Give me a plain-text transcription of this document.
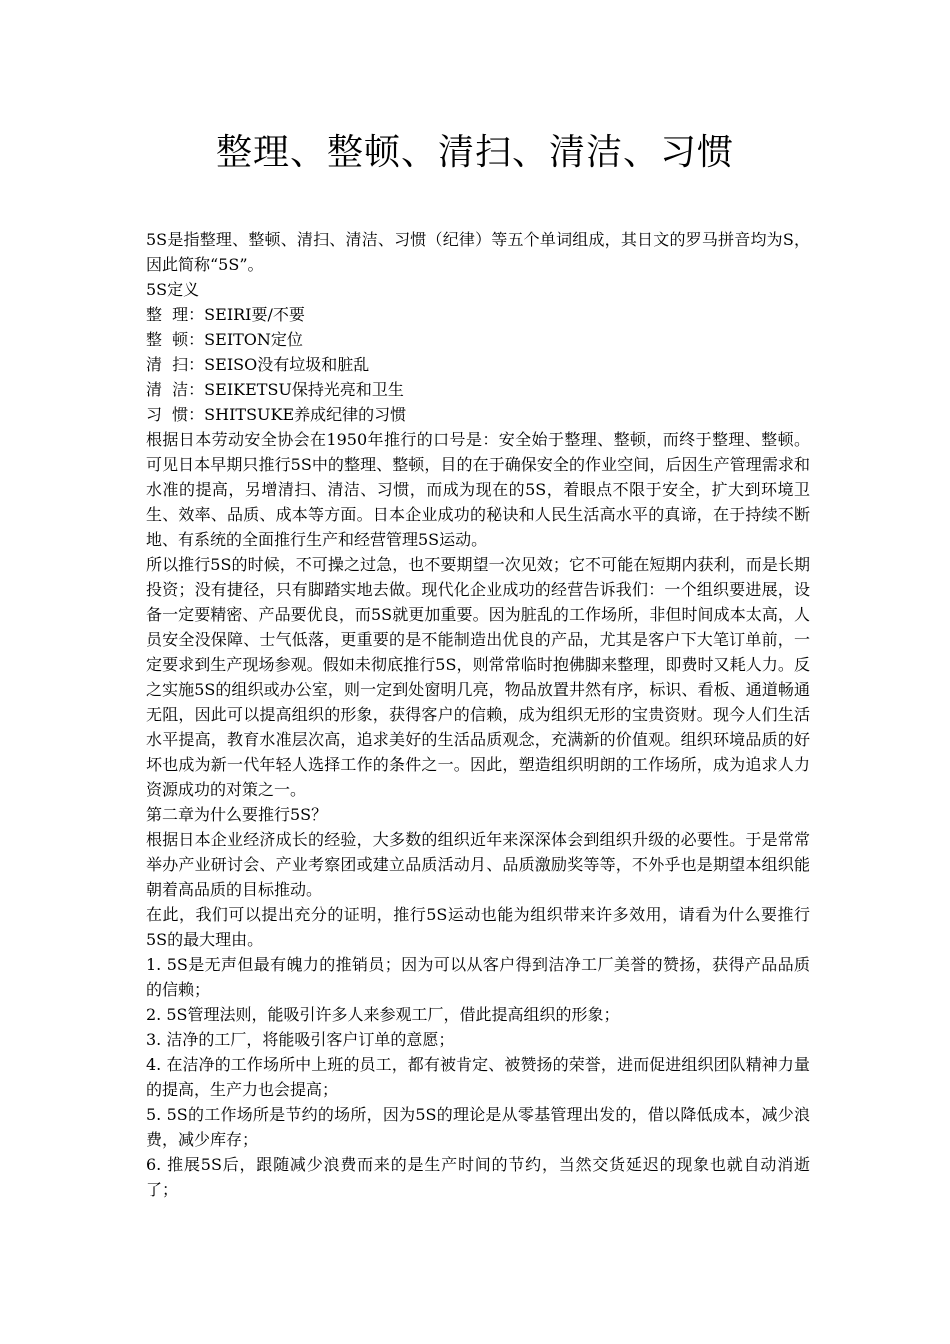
整理、整顿、清扫、清洁、习惯

5S是指整理、整顿、清扫、清洁、习惯（纪律）等五个单词组成，其日文的罗马拼音均为S，因此简称“5S”。

5S定义

整  理：SEIRI要/不要

整  顿：SEITON定位

清  扫：SEISO没有垃圾和脏乱

清  洁：SEIKETSU保持光亮和卫生

习  惯：SHITSUKE养成纪律的习惯

根据日本劳动安全协会在1950年推行的口号是：安全始于整理、整顿，而终于整理、整顿。可见日本早期只推行5S中的整理、整顿，目的在于确保安全的作业空间，后因生产管理需求和水准的提高，另增清扫、清洁、习惯，而成为现在的5S，着眼点不限于安全，扩大到环境卫生、效率、品质、成本等方面。日本企业成功的秘诀和人民生活高水平的真谛，在于持续不断地、有系统的全面推行生产和经营管理5S运动。

所以推行5S的时候，不可操之过急，也不要期望一次见效；它不可能在短期内获利，而是长期投资；没有捷径，只有脚踏实地去做。现代化企业成功的经营告诉我们：一个组织要进展，设备一定要精密、产品要优良，而5S就更加重要。因为脏乱的工作场所，非但时间成本太高，人员安全没保障、士气低落，更重要的是不能制造出优良的产品，尤其是客户下大笔订单前，一定要求到生产现场参观。假如未彻底推行5S，则常常临时抱佛脚来整理，即费时又耗人力。反之实施5S的组织或办公室，则一定到处窗明几亮，物品放置井然有序，标识、看板、通道畅通无阻，因此可以提高组织的形象，获得客户的信赖，成为组织无形的宝贵资财。现今人们生活水平提高，教育水准层次高，追求美好的生活品质观念，充满新的价值观。组织环境品质的好坏也成为新一代年轻人选择工作的条件之一。因此，塑造组织明朗的工作场所，成为追求人力资源成功的对策之一。

第二章为什么要推行5S？

根据日本企业经济成长的经验，大多数的组织近年来深深体会到组织升级的必要性。于是常常举办产业研讨会、产业考察团或建立品质活动月、品质激励奖等等，不外乎也是期望本组织能朝着高品质的目标推动。

在此，我们可以提出充分的证明，推行5S运动也能为组织带来许多效用，请看为什么要推行5S的最大理由。

1. 5S是无声但最有魄力的推销员；因为可以从客户得到洁净工厂美誉的赞扬，获得产品品质的信赖；

2. 5S管理法则，能吸引许多人来参观工厂，借此提高组织的形象；

3. 洁净的工厂，将能吸引客户订单的意愿；

4. 在洁净的工作场所中上班的员工，都有被肯定、被赞扬的荣誉，进而促进组织团队精神力量的提高，生产力也会提高；

5. 5S的工作场所是节约的场所，因为5S的理论是从零基管理出发的，借以降低成本，减少浪费，减少库存；

6. 推展5S后，跟随减少浪费而来的是生产时间的节约，当然交货延迟的现象也就自动消逝了；
